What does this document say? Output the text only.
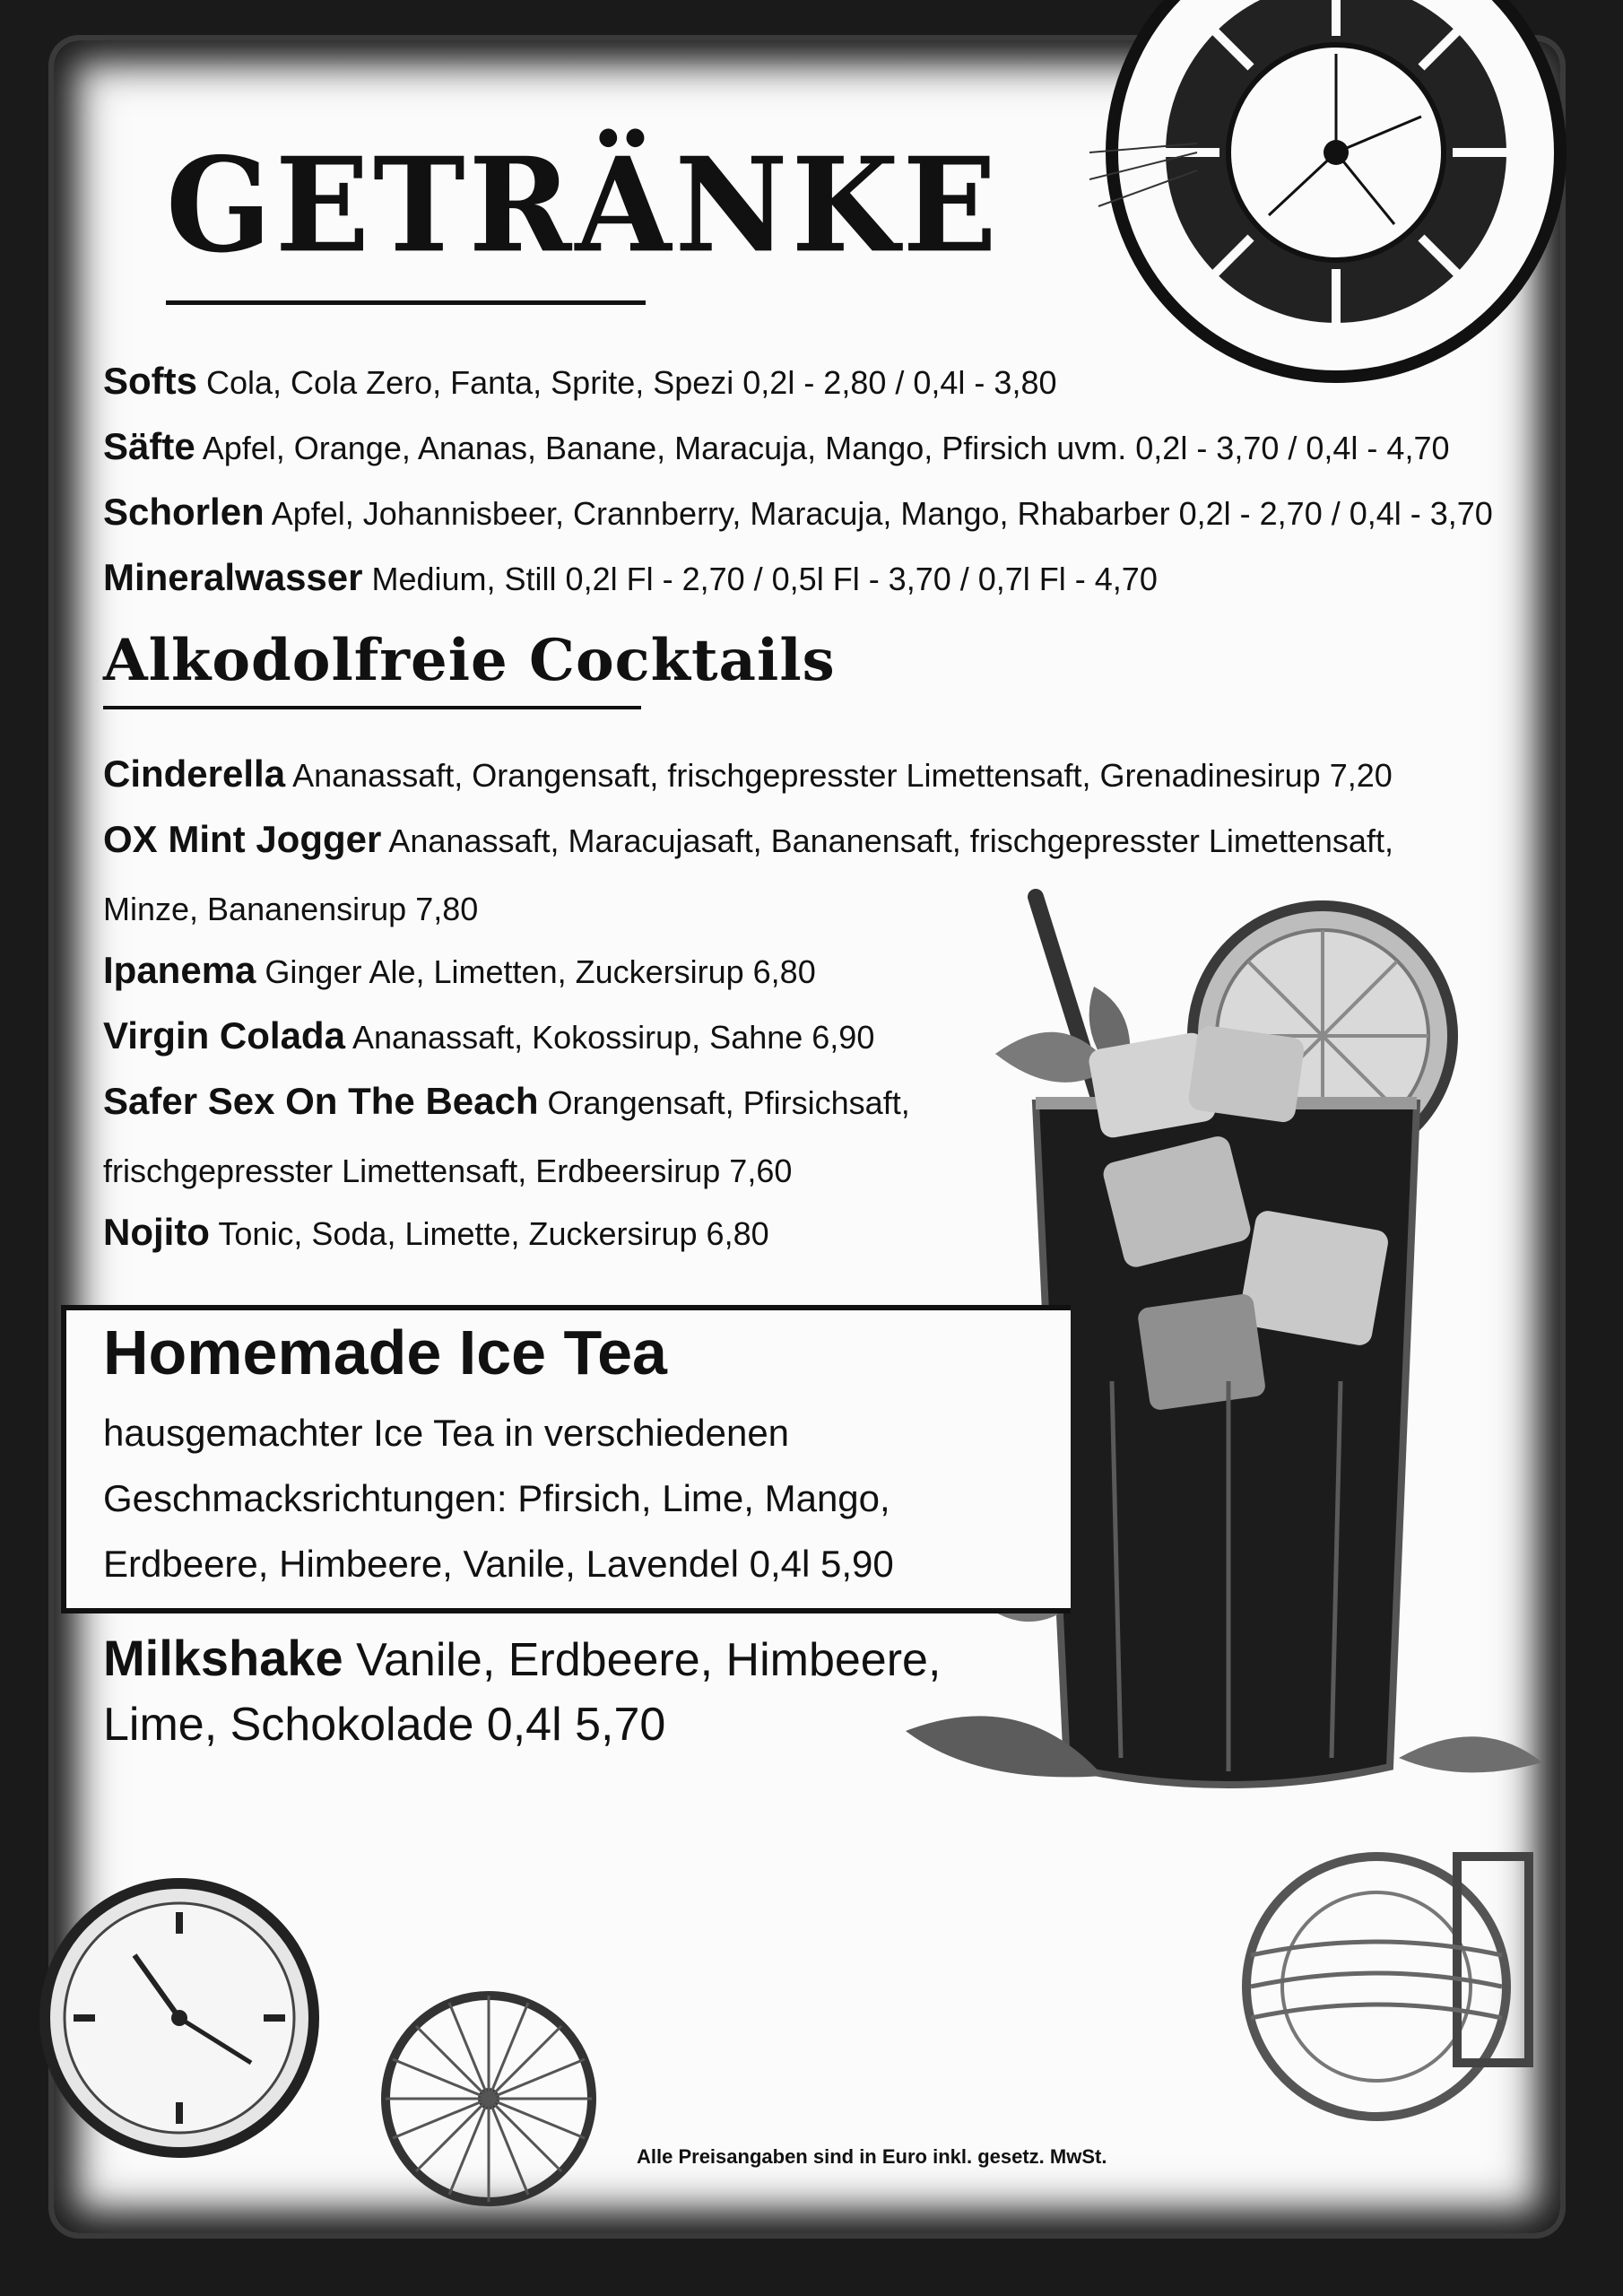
GETRÄNKE
Softs Cola, Cola Zero, Fanta, Sprite, Spezi 0,2l - 2,80 / 0,4l - 3,80
Säfte Apfel, Orange, Ananas, Banane, Maracuja, Mango, Pfirsich uvm. 0,2l - 3,70 / 0,4l - 4,70
Schorlen Apfel, Johannisbeer, Crannberry, Maracuja, Mango, Rhabarber 0,2l - 2,70 / 0,4l - 3,70
Mineralwasser Medium, Still 0,2l Fl - 2,70 / 0,5l Fl - 3,70 / 0,7l Fl - 4,70
Alkodolfreie Cocktails
Cinderella Ananassaft, Orangensaft, frischgepresster Limettensaft, Grenadinesirup 7,20
OX Mint Jogger Ananassaft, Maracujasaft, Bananensaft, frischgepresster Limettensaft,
Minze, Bananensirup 7,80
Ipanema Ginger Ale, Limetten, Zuckersirup 6,80
Virgin Colada Ananassaft, Kokossirup, Sahne 6,90
Safer Sex On The Beach Orangensaft, Pfirsichsaft,
frischgepresster Limettensaft, Erdbeersirup 7,60
Nojito Tonic, Soda, Limette, Zuckersirup 6,80
Homemade Ice Tea
hausgemachter Ice Tea in verschiedenen
Geschmacksrichtungen: Pfirsich, Lime, Mango,
Erdbeere, Himbeere, Vanile, Lavendel 0,4l 5,90
Milkshake Vanile, Erdbeere, Himbeere,
Lime, Schokolade 0,4l 5,70
Alle Preisangaben sind in Euro inkl. gesetz. MwSt.
